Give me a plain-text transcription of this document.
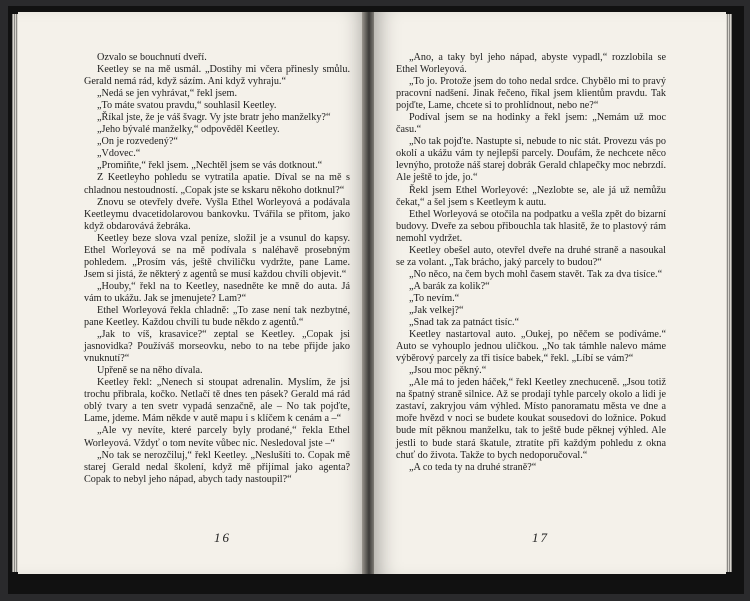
Ozvalo se bouchnutí dveří.

Keetley se na mě usmál. „Dostihy mi včera přinesly smůlu. Gerald nemá rád, když sázím. Ani když vyhraju.“

„Nedá se jen vyhrávat,“ řekl jsem.

„To máte svatou pravdu,“ souhlasil Keetley.

„Říkal jste, že je váš švagr. Vy jste bratr jeho manželky?“

„Jeho bývalé manželky,“ odpověděl Keetley.

„On je rozvedený?“

„Vdovec.“

„Promiňte,“ řekl jsem. „Nechtěl jsem se vás dotknout.“

Z Keetleyho pohledu se vytratila apatie. Díval se na mě s chladnou nestoudností. „Copak jste se kskaru někoho dotknul?“

Znovu se otevřely dveře. Vyšla Ethel Worleyová a podávala Keetleymu dvacetidolarovou bankovku. Tvářila se přitom, jako když obdarovává žebráka.

Keetley beze slova vzal peníze, složil je a vsunul do kapsy. Ethel Worleyová se na mě podívala s naléhavě prosebným pohledem. „Prosím vás, ještě chviličku vydržte, pane Lame. Jsem si jistá, že některý z agentů se musí každou chvíli objevit.“

„Houby,“ řekl na to Keetley, nasedněte ke mně do auta. Já vám to ukážu. Jak se jmenujete? Lam?“

Ethel Worleyová řekla chladně: „To zase není tak nezbytné, pane Keetley. Každou chvíli tu bude někdo z agentů.“

„Jak to víš, krasavice?“ zeptal se Keetley. „Copak jsi jasnovidka? Používáš morseovku, nebo to na tebe přijde jako vnuknutí?“

Upřeně se na něho dívala.

Keetley řekl: „Nenech si stoupat adrenalin. Myslím, že jsi trochu přibrala, kočko. Netlačí tě dnes ten pásek? Gerald má rád oblý tvary a ten svetr vypadá senzačně, ale – No tak pojďte, Lame, jdeme. Mám někde v autě mapu i s klíčem k cenám a –“

„Ale vy nevíte, které parcely byly prodané,“ řekla Ethel Worleyová. Vždyť o tom nevíte vůbec nic. Nesledoval jste –“

„No tak se nerozčiluj,“ řekl Keetley. „Neslušíti to. Copak mě starej Gerald nedal školení, když mě přijímal jako agenta? Copak to nebyl jeho nápad, abych tady nastoupil?“

16

„Ano, a taky byl jeho nápad, abyste vypadl,“ rozzlobila se Ethel Worleyová.

„To jo. Protože jsem do toho nedal srdce. Chybělo mi to pravý pracovní nadšení. Jinak řečeno, říkal jsem klientům pravdu. Tak pojďte, Lame, chcete si to prohlídnout, nebo ne?“

Podíval jsem se na hodinky a řekl jsem: „Nemám už moc času.“

„No tak pojďte. Nastupte si, nebude to nic stát. Provezu vás po okolí a ukážu vám ty nejlepší parcely. Doufám, že nechcete něco levnýho, protože náš starej dobrák Gerald chlapečky moc nebrzdí. Ale ještě to jde, jo.“

Řekl jsem Ethel Worleyové: „Nezlobte se, ale já už nemůžu čekat,“ a šel jsem s Keetleym k autu.

Ethel Worleyová se otočila na podpatku a vešla zpět do bizarní budovy. Dveře za sebou přibouchla tak hlasitě, že to plastový rám nemohl vydržet.

Keetley obešel auto, otevřel dveře na druhé straně a nasoukal se za volant. „Tak brácho, jaký parcely to budou?“

„No něco, na čem bych mohl časem stavět. Tak za dva tisíce.“

„A barák za kolik?“

„To nevím.“

„Jak velkej?“

„Snad tak za patnáct tisíc.“

Keetley nastartoval auto. „Oukej, po něčem se podíváme.“ Auto se vyhouplo jednou uličkou. „No tak támhle nalevo máme výběrový parcely za tři tisíce babek,“ řekl. „Líbí se vám?“

„Jsou moc pěkný.“

„Ale má to jeden háček,“ řekl Keetley znechuceně. „Jsou totiž na špatný straně silnice. Až se prodají tyhle parcely okolo a lidi je zastaví, zakryjou vám výhled. Místo panoramatu města ve dne a moře hvězd v noci se budete koukat sousedovi do ložnice. Pokud bude mít pěknou manželku, tak to ještě bude pěknej výhled. Ale jestli to bude stará škatule, ztratíte při každým pohledu z okna chuť do života. Takže to bych nedoporučoval.“

„A co teda ty na druhé straně?“

17
